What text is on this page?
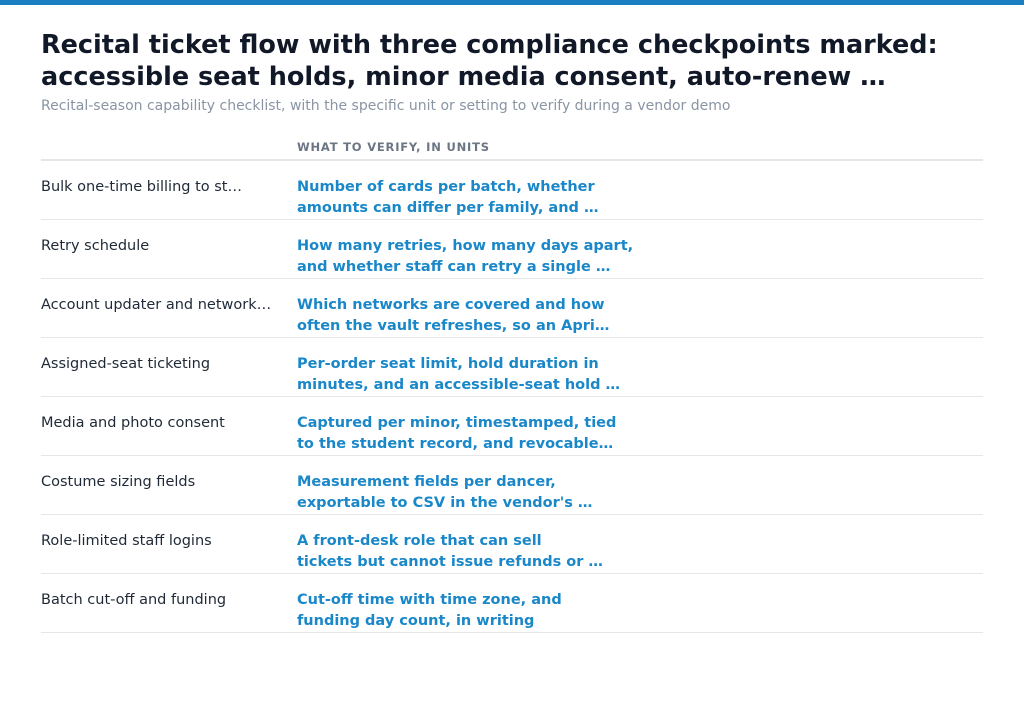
Recital ticket flow with three compliance checkpoints marked:
accessible seat holds, minor media consent, auto-renew …

Recital-season capability checklist, with the specific unit or setting to verify during a vendor demo

WHAT TO VERIFY, IN UNITS
Bulk one-time billing to st…	Number of cards per batch, whether
amounts can differ per family, and …
Retry schedule	How many retries, how many days apart,
and whether staff can retry a single …
Account updater and network…	Which networks are covered and how
often the vault refreshes, so an Apri…
Assigned-seat ticketing	Per-order seat limit, hold duration in
minutes, and an accessible-seat hold …
Media and photo consent	Captured per minor, timestamped, tied
to the student record, and revocable…
Costume sizing fields	Measurement fields per dancer,
exportable to CSV in the vendor's …
Role-limited staff logins	A front-desk role that can sell
tickets but cannot issue refunds or …
Batch cut-off and funding	Cut-off time with time zone, and
funding day count, in writing
